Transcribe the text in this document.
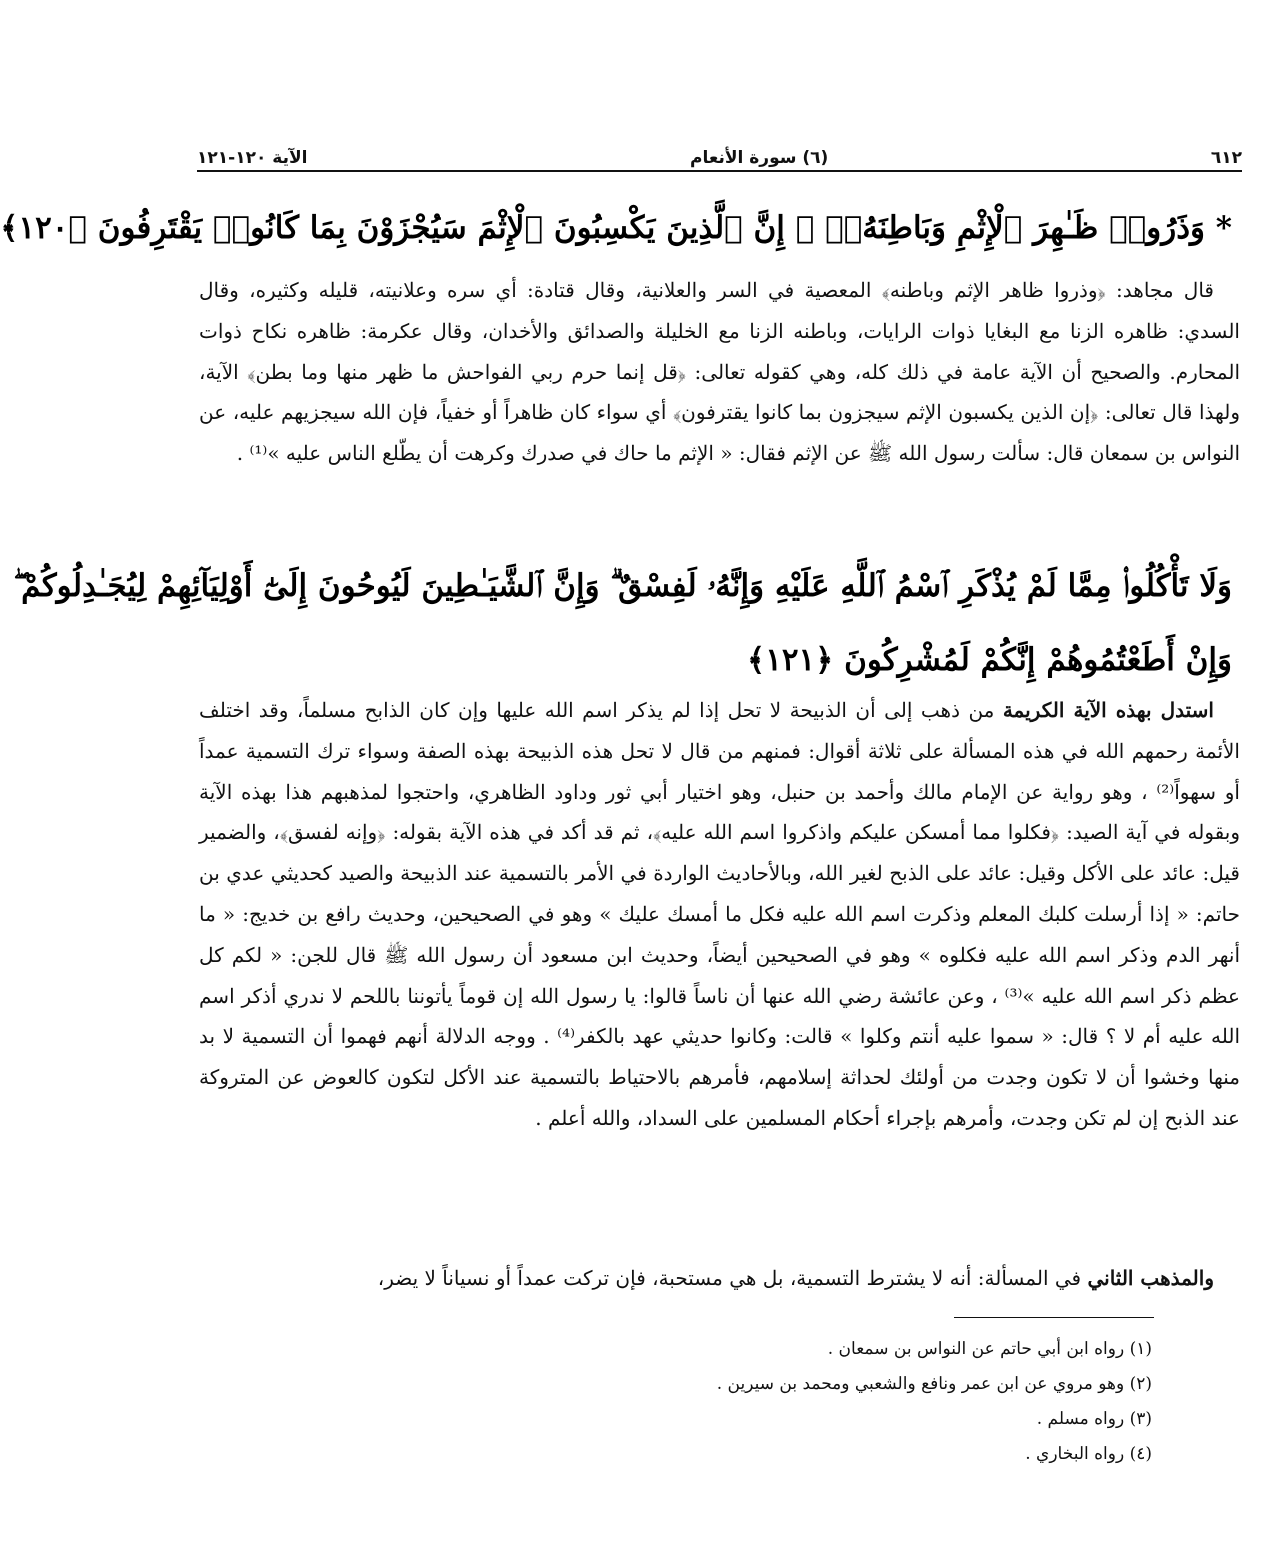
٦١٢
(٦) سورة الأنعام
الآية ١٢٠-١٢١
* وَذَرُوا۟ ظَـٰهِرَ ٱلْإِثْمِ وَبَاطِنَهُۥٓ ۚ إِنَّ ٱلَّذِينَ يَكْسِبُونَ ٱلْإِثْمَ سَيُجْزَوْنَ بِمَا كَانُوا۟ يَقْتَرِفُونَ ﴿١٢٠﴾
قال مجاهد: ﴿وذروا ظاهر الإثم وباطنه﴾ المعصية في السر والعلانية، وقال قتادة: أي سره وعلانيته، قليله وكثيره، وقال السدي: ظاهره الزنا مع البغايا ذوات الرايات، وباطنه الزنا مع الخليلة والصدائق والأخدان، وقال عكرمة: ظاهره نكاح ذوات المحارم. والصحيح أن الآية عامة في ذلك كله، وهي كقوله تعالى: ﴿قل إنما حرم ربي الفواحش ما ظهر منها وما بطن﴾ الآية، ولهذا قال تعالى: ﴿إن الذين يكسبون الإثم سيجزون بما كانوا يقترفون﴾ أي سواء كان ظاهراً أو خفياً، فإن الله سيجزيهم عليه، عن النواس بن سمعان قال: سألت رسول الله ﷺ عن الإثم فقال: « الإثم ما حاك في صدرك وكرهت أن يطّلع الناس عليه »⁽¹⁾ .
وَلَا تَأْكُلُوا۟ مِمَّا لَمْ يُذْكَرِ ٱسْمُ ٱللَّهِ عَلَيْهِ وَإِنَّهُۥ لَفِسْقٌ ۗ وَإِنَّ ٱلشَّيَـٰطِينَ لَيُوحُونَ إِلَىٰٓ أَوْلِيَآئِهِمْ لِيُجَـٰدِلُوكُمْ ۖ
وَإِنْ أَطَعْتُمُوهُمْ إِنَّكُمْ لَمُشْرِكُونَ ﴿١٢١﴾
استدل بهذه الآية الكريمة من ذهب إلى أن الذبيحة لا تحل إذا لم يذكر اسم الله عليها وإن كان الذابح مسلماً، وقد اختلف الأئمة رحمهم الله في هذه المسألة على ثلاثة أقوال: فمنهم من قال لا تحل هذه الذبيحة بهذه الصفة وسواء ترك التسمية عمداً أو سهواً⁽²⁾ ، وهو رواية عن الإمام مالك وأحمد بن حنبل، وهو اختيار أبي ثور وداود الظاهري، واحتجوا لمذهبهم هذا بهذه الآية وبقوله في آية الصيد: ﴿فكلوا مما أمسكن عليكم واذكروا اسم الله عليه﴾، ثم قد أكد في هذه الآية بقوله: ﴿وإنه لفسق﴾، والضمير قيل: عائد على الأكل وقيل: عائد على الذبح لغير الله، وبالأحاديث الواردة في الأمر بالتسمية عند الذبيحة والصيد كحديثي عدي بن حاتم: « إذا أرسلت كلبك المعلم وذكرت اسم الله عليه فكل ما أمسك عليك » وهو في الصحيحين، وحديث رافع بن خديج: « ما أنهر الدم وذكر اسم الله عليه فكلوه » وهو في الصحيحين أيضاً، وحديث ابن مسعود أن رسول الله ﷺ قال للجن: « لكم كل عظم ذكر اسم الله عليه »⁽³⁾ ، وعن عائشة رضي الله عنها أن ناساً قالوا: يا رسول الله إن قوماً يأتوننا باللحم لا ندري أذكر اسم الله عليه أم لا ؟ قال: « سموا عليه أنتم وكلوا » قالت: وكانوا حديثي عهد بالكفر⁽⁴⁾ . ووجه الدلالة أنهم فهموا أن التسمية لا بد منها وخشوا أن لا تكون وجدت من أولئك لحداثة إسلامهم، فأمرهم بالاحتياط بالتسمية عند الأكل لتكون كالعوض عن المتروكة عند الذبح إن لم تكن وجدت، وأمرهم بإجراء أحكام المسلمين على السداد، والله أعلم .
والمذهب الثاني في المسألة: أنه لا يشترط التسمية، بل هي مستحبة، فإن تركت عمداً أو نسياناً لا يضر،
(١) رواه ابن أبي حاتم عن النواس بن سمعان .
(٢) وهو مروي عن ابن عمر ونافع والشعبي ومحمد بن سيرين .
(٣) رواه مسلم .
(٤) رواه البخاري .
